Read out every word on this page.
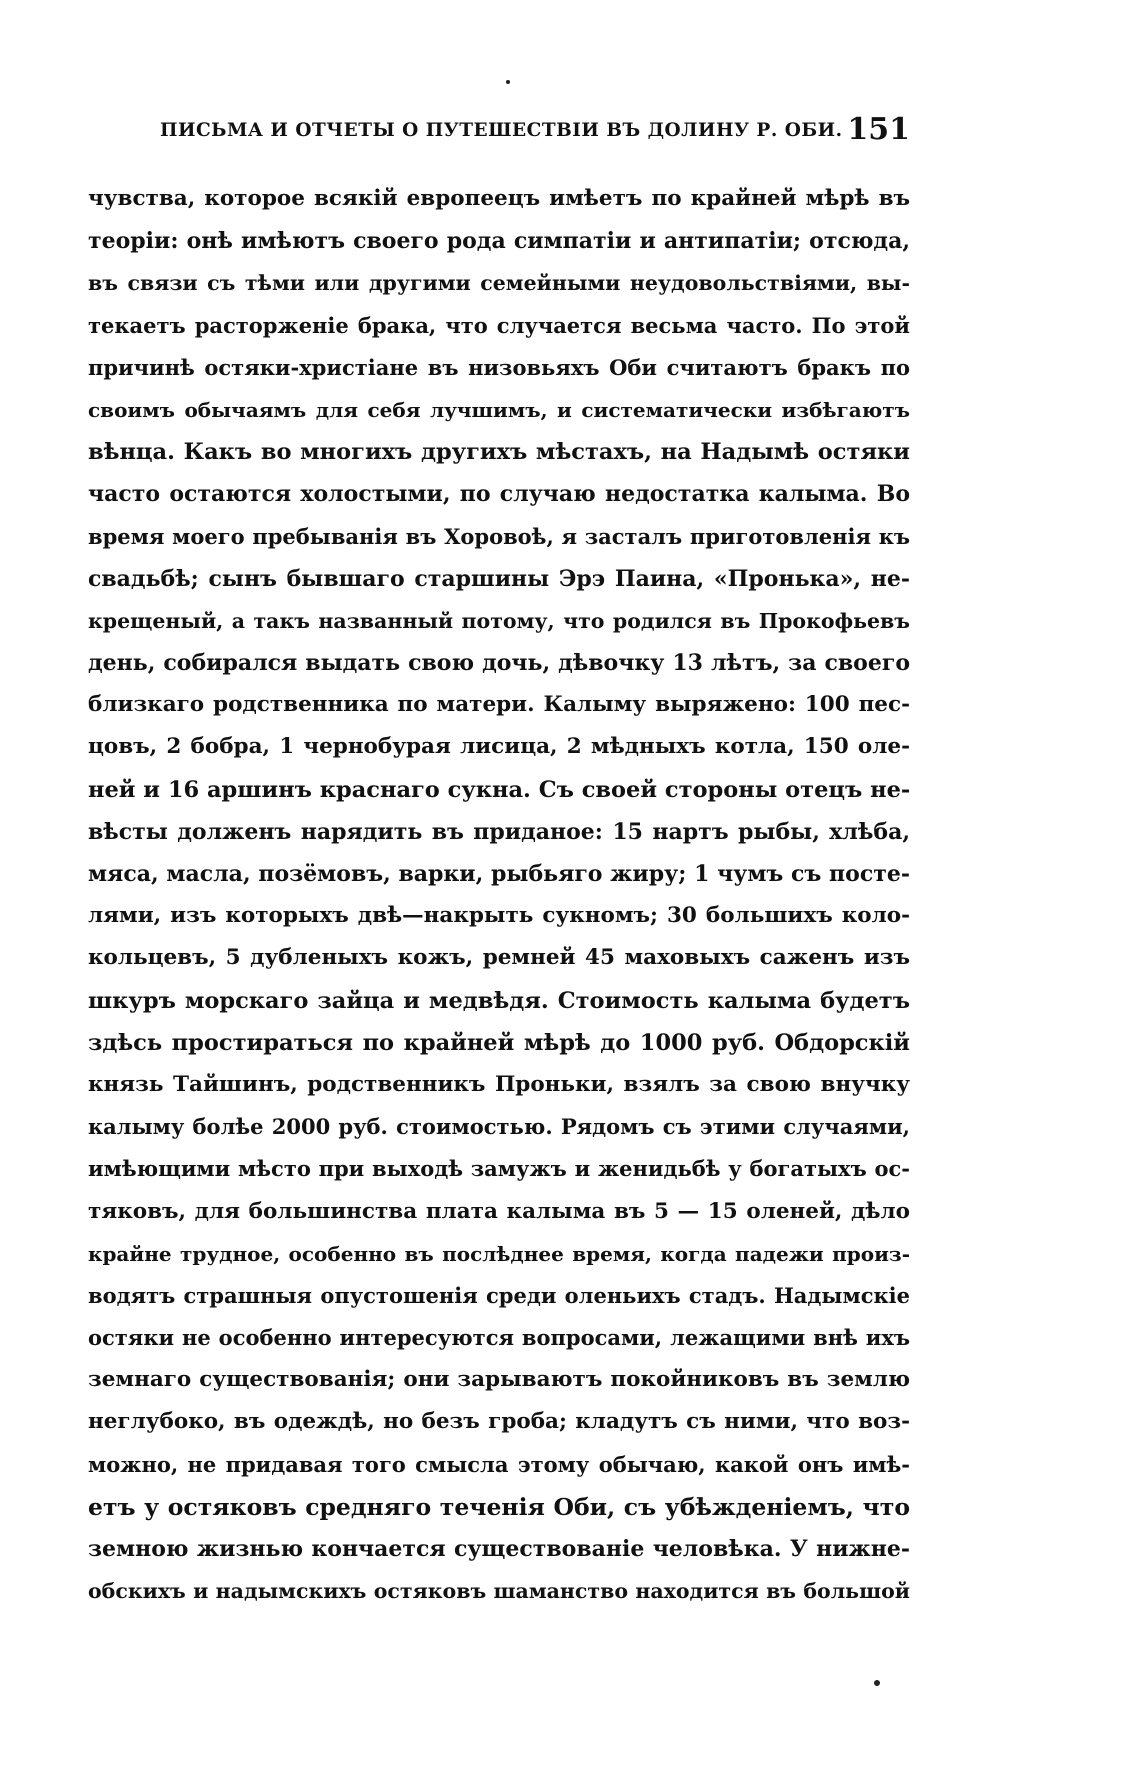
ПИСЬМА И ОТЧЕТЫ О ПУТЕШЕСТВІИ ВЪ ДОЛИНУ Р. ОБИ. 151
чувства, которое всякій европеецъ имѣетъ по крайней мѣрѣ въ
теоріи: онѣ имѣютъ своего рода симпатіи и антипатіи; отсюда,
въ связи съ тѣми или другими семейными неудовольствіями, вы-
текаетъ расторженіе брака, что случается весьма часто. По этой
причинѣ остяки-христіане въ низовьяхъ Оби считаютъ бракъ по
своимъ обычаямъ для себя лучшимъ, и систематически избѣгаютъ
вѣнца. Какъ во многихъ другихъ мѣстахъ, на Надымѣ остяки
часто остаются холостыми, по случаю недостатка калыма. Во
время моего пребыванія въ Хоровоѣ, я засталъ приготовленія къ
свадьбѣ; сынъ бывшаго старшины Эрэ Паина, «Пронька», не-
крещеный, а такъ названный потому, что родился въ Прокофьевъ
день, собирался выдать свою дочь, дѣвочку 13 лѣтъ, за своего
близкаго родственника по матери. Калыму выряжено: 100 пес-
цовъ, 2 бобра, 1 чернобурая лисица, 2 мѣдныхъ котла, 150 оле-
ней и 16 аршинъ краснаго сукна. Съ своей стороны отецъ не-
вѣсты долженъ нарядить въ приданое: 15 нартъ рыбы, хлѣба,
мяса, масла, позёмовъ, варки, рыбьяго жиру; 1 чумъ съ посте-
лями, изъ которыхъ двѣ—накрыть сукномъ; 30 большихъ коло-
кольцевъ, 5 дубленыхъ кожъ, ремней 45 маховыхъ саженъ изъ
шкуръ морскаго зайца и медвѣдя. Стоимость калыма будетъ
здѣсь простираться по крайней мѣрѣ до 1000 руб. Обдорскій
князь Тайшинъ, родственникъ Проньки, взялъ за свою внучку
калыму болѣе 2000 руб. стоимостью. Рядомъ съ этими случаями,
имѣющими мѣсто при выходѣ замужъ и женидьбѣ у богатыхъ ос-
тяковъ, для большинства плата калыма въ 5 — 15 оленей, дѣло
крайне трудное, особенно въ послѣднее время, когда падежи произ-
водятъ страшныя опустошенія среди оленьихъ стадъ. Надымскіе
остяки не особенно интересуются вопросами, лежащими внѣ ихъ
земнаго существованія; они зарываютъ покойниковъ въ землю
неглубоко, въ одеждѣ, но безъ гроба; кладутъ съ ними, что воз-
можно, не придавая того смысла этому обычаю, какой онъ имѣ-
етъ у остяковъ средняго теченія Оби, съ убѣжденіемъ, что
земною жизнью кончается существованіе человѣка. У нижне-
обскихъ и надымскихъ остяковъ шаманство находится въ большой
